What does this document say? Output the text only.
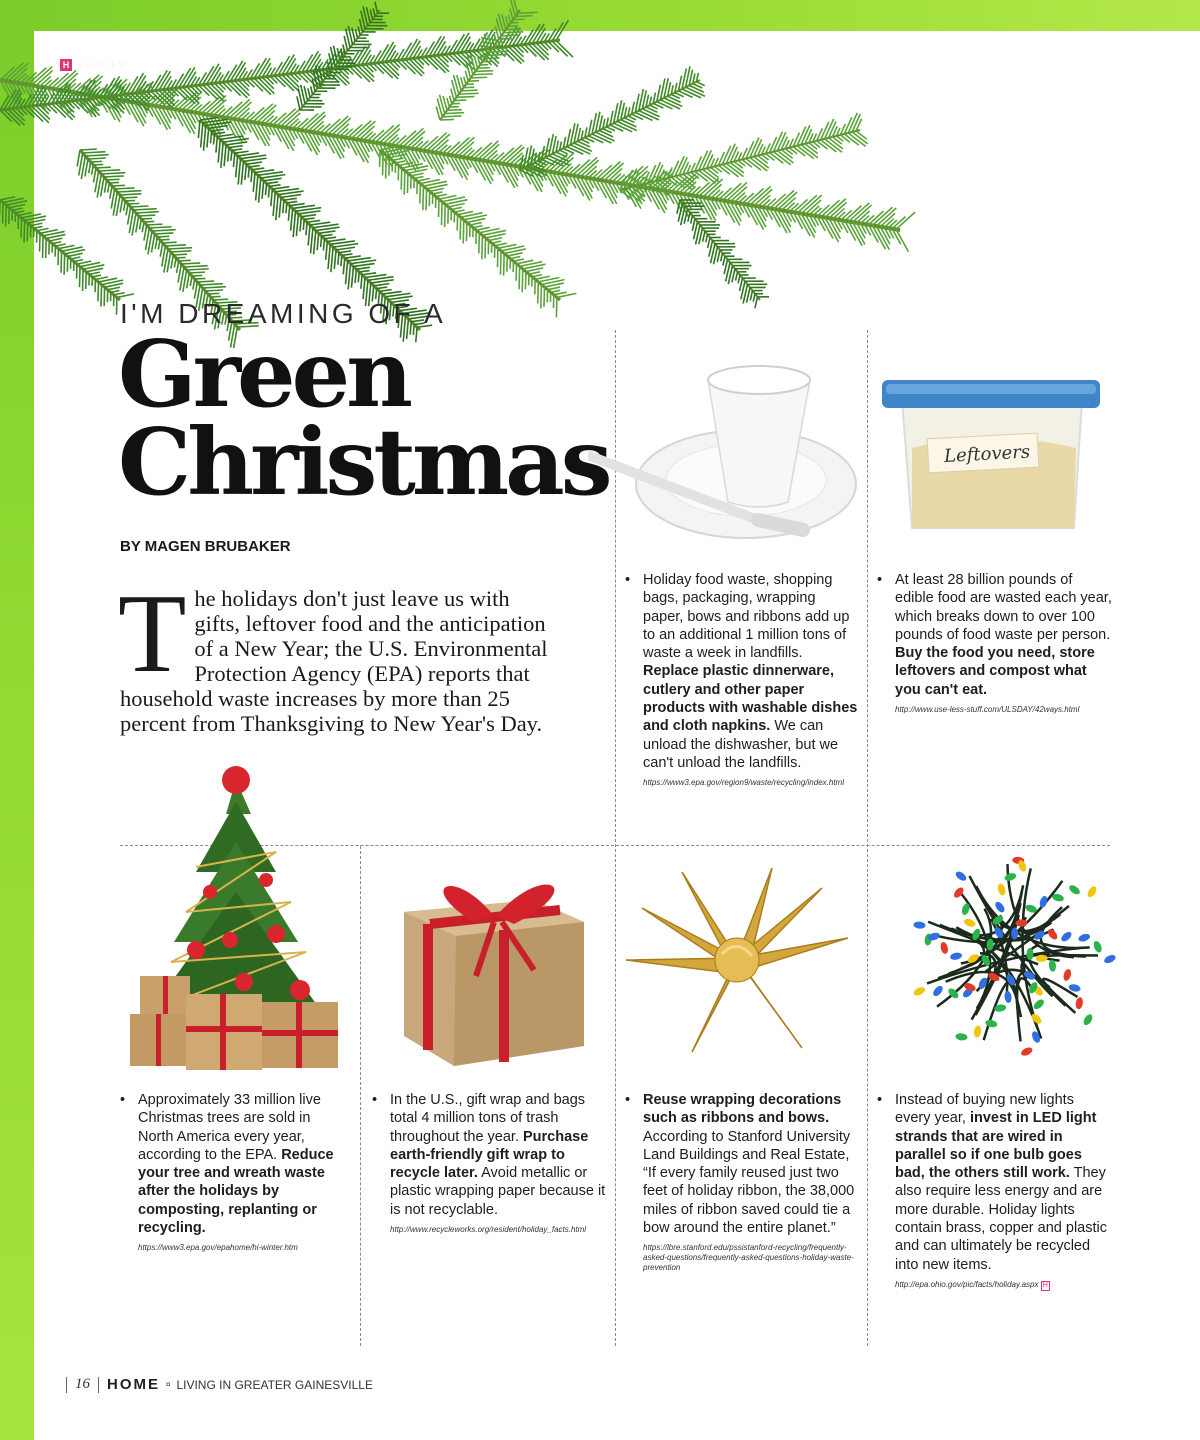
H FAMILY
I'M DREAMING OF A
Green
Christmas
BY MAGEN BRUBAKER

The holidays don't just leave us with gifts, leftover food and the anticipation of a New Year; the U.S. Environmental Protection Agency (EPA) reports that household waste increases by more than 25 percent from Thanksgiving to New Year's Day.

Leftovers
• Holiday food waste, shopping bags, packaging, wrapping paper, bows and ribbons add up to an additional 1 million tons of waste a week in landfills. Replace plastic dinnerware, cutlery and other paper products with washable dishes and cloth napkins. We can unload the dishwasher, but we can't unload the landfills.
https://www3.epa.gov/region9/waste/recycling/index.html
• At least 28 billion pounds of edible food are wasted each year, which breaks down to over 100 pounds of food waste per person. Buy the food you need, store leftovers and compost what you can't eat.
http://www.use-less-stuff.com/ULSDAY/42ways.html
• Approximately 33 million live Christmas trees are sold in North America every year, according to the EPA. Reduce your tree and wreath waste after the holidays by composting, replanting or recycling.
https://www3.epa.gov/epahome/hi-winter.htm
• In the U.S., gift wrap and bags total 4 million tons of trash throughout the year. Purchase earth-friendly gift wrap to recycle later. Avoid metallic or plastic wrapping paper because it is not recyclable.
http://www.recycleworks.org/resident/holiday_facts.html
• Reuse wrapping decorations such as ribbons and bows. According to Stanford University Land Buildings and Real Estate, “If every family reused just two feet of holiday ribbon, the 38,000 miles of ribbon saved could tie a bow around the entire planet.”
https://lbre.stanford.edu/pssistanford-recycling/frequently-asked-questions/frequently-asked-questions-holiday-waste-prevention
• Instead of buying new lights every year, invest in LED light strands that are wired in parallel so if one bulb goes bad, the others still work. They also require less energy and are more durable. Holiday lights contain brass, copper and plastic and can ultimately be recycled into new items.
http://epa.ohio.gov/pic/facts/holiday.aspx H
16 HOME ¤ LIVING IN GREATER GAINESVILLE
